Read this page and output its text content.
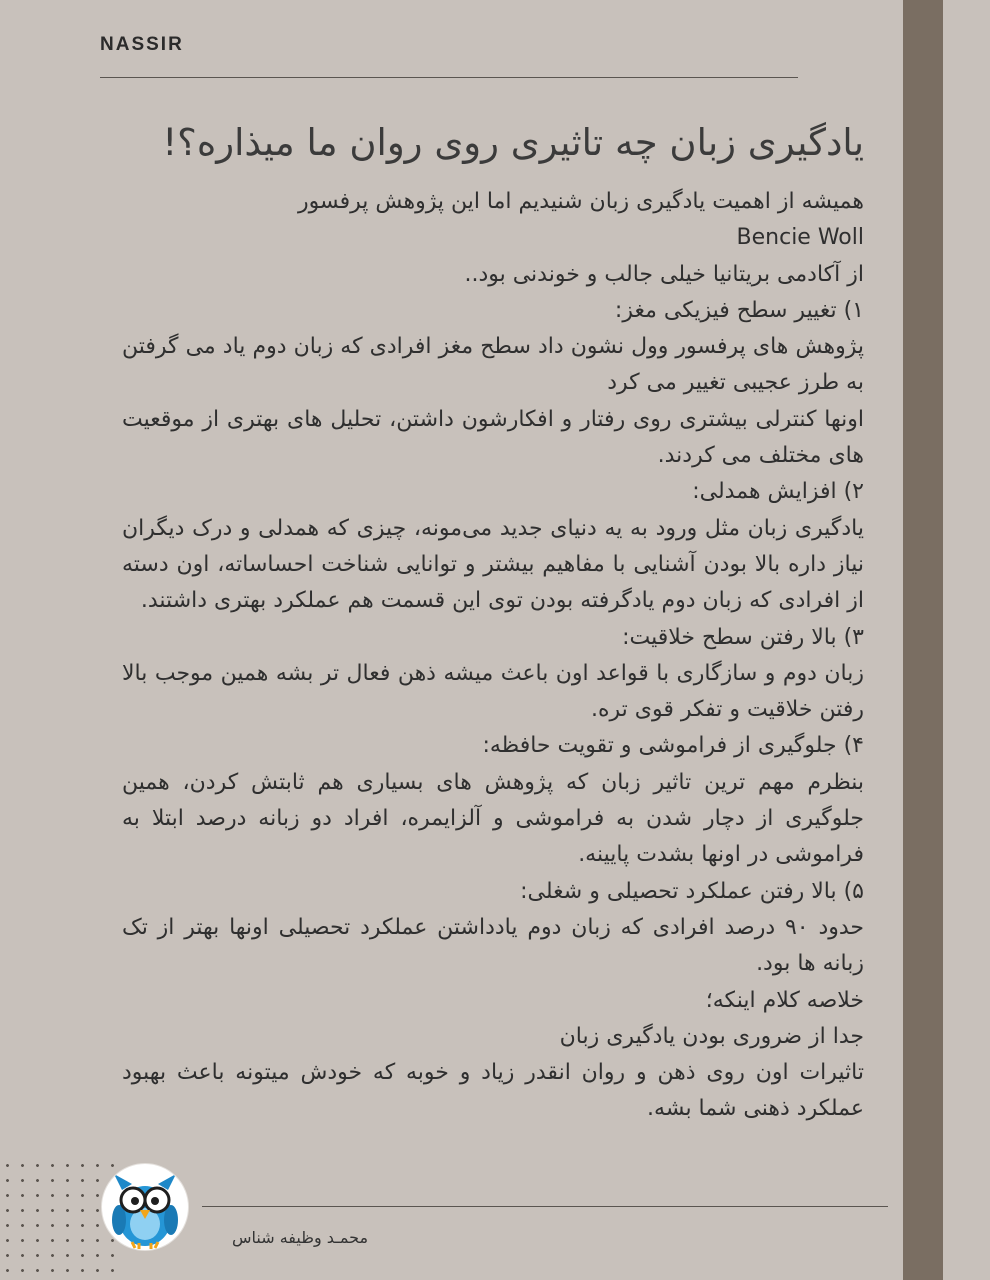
NASSIR
یادگیری زبان چه تاثیری روی روان ما میذاره؟!

همیشه از اهمیت یادگیری زبان شنیدیم اما این پژوهش پرفسور

Bencie Woll

از آکادمی بریتانیا خیلی جالب و خوندنی بود..

۱) تغییر سطح فیزیکی مغز:

پژوهش های پرفسور وول نشون داد سطح مغز افرادی که زبان دوم یاد می گرفتن به طرز عجیبی تغییر می کرد

اونها کنترلی بیشتری روی رفتار و افکارشون داشتن، تحلیل های بهتری از موقعیت های مختلف می کردند.

۲) افزایش همدلی:

یادگیری زبان مثل ورود به یه دنیای جدید می‌مونه، چیزی که همدلی و درک دیگران نیاز داره بالا بودن آشنایی با مفاهیم بیشتر و توانایی شناخت احساساته، اون دسته از افرادی که زبان دوم یادگرفته بودن توی این قسمت هم عملکرد بهتری داشتند.

۳) بالا رفتن سطح خلاقیت:

زبان دوم و سازگاری با قواعد اون باعث میشه ذهن فعال تر بشه همین موجب بالا رفتن خلاقیت و تفکر قوی تره.

۴) جلوگیری از فراموشی و تقویت حافظه:

بنظرم مهم ترین تاثیر زبان که پژوهش های بسیاری هم ثابتش کردن، همین جلوگیری از دچار شدن به فراموشی و آلزایمره، افراد دو زبانه درصد ابتلا به فراموشی در اونها بشدت پایینه.

۵) بالا رفتن عملکرد تحصیلی و شغلی:

حدود ۹۰ درصد افرادی که زبان دوم یادداشتن عملکرد تحصیلی اونها بهتر از تک زبانه ها بود.

خلاصه کلام اینکه؛

جدا از ضروری بودن یادگیری زبان

تاثیرات اون روی ذهن و روان انقدر زیاد و خوبه که خودش میتونه باعث بهبود عملکرد ذهنی شما بشه.

محمـد وظیفه شناس
